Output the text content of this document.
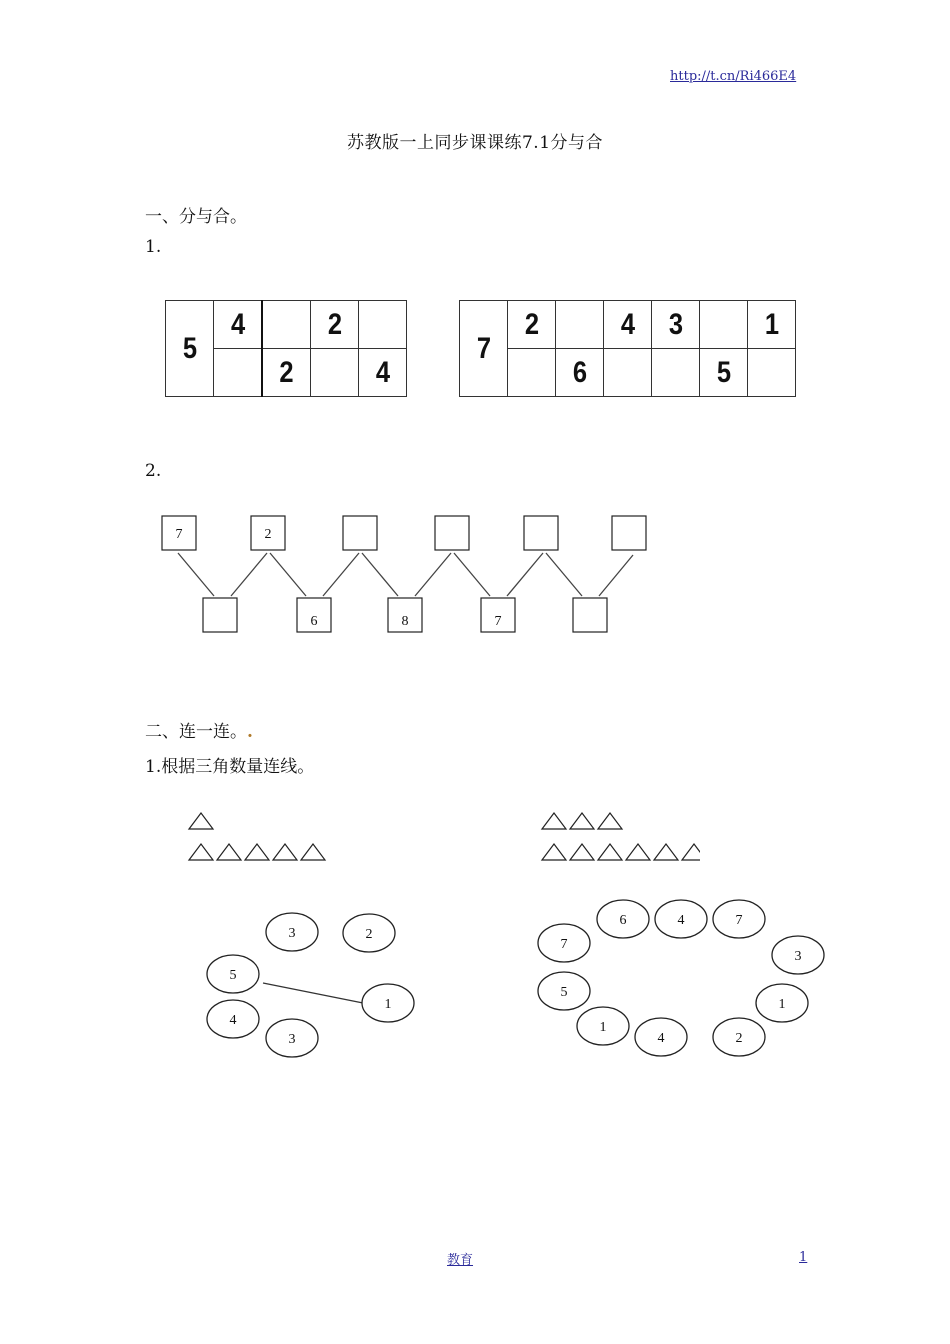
http://t.cn/Ri466E4
苏教版一上同步课课练7.1分与合
一、分与合。
1.
5	4		2	
		2		4
7	2		4	3		1
		6			5	
2.
7	2
6	8	7
二、连一连。.
1.根据三角数量连线。
3	2
5
1
4
3
6	4	7
7
3
5
1
1
4	2
教育	1
